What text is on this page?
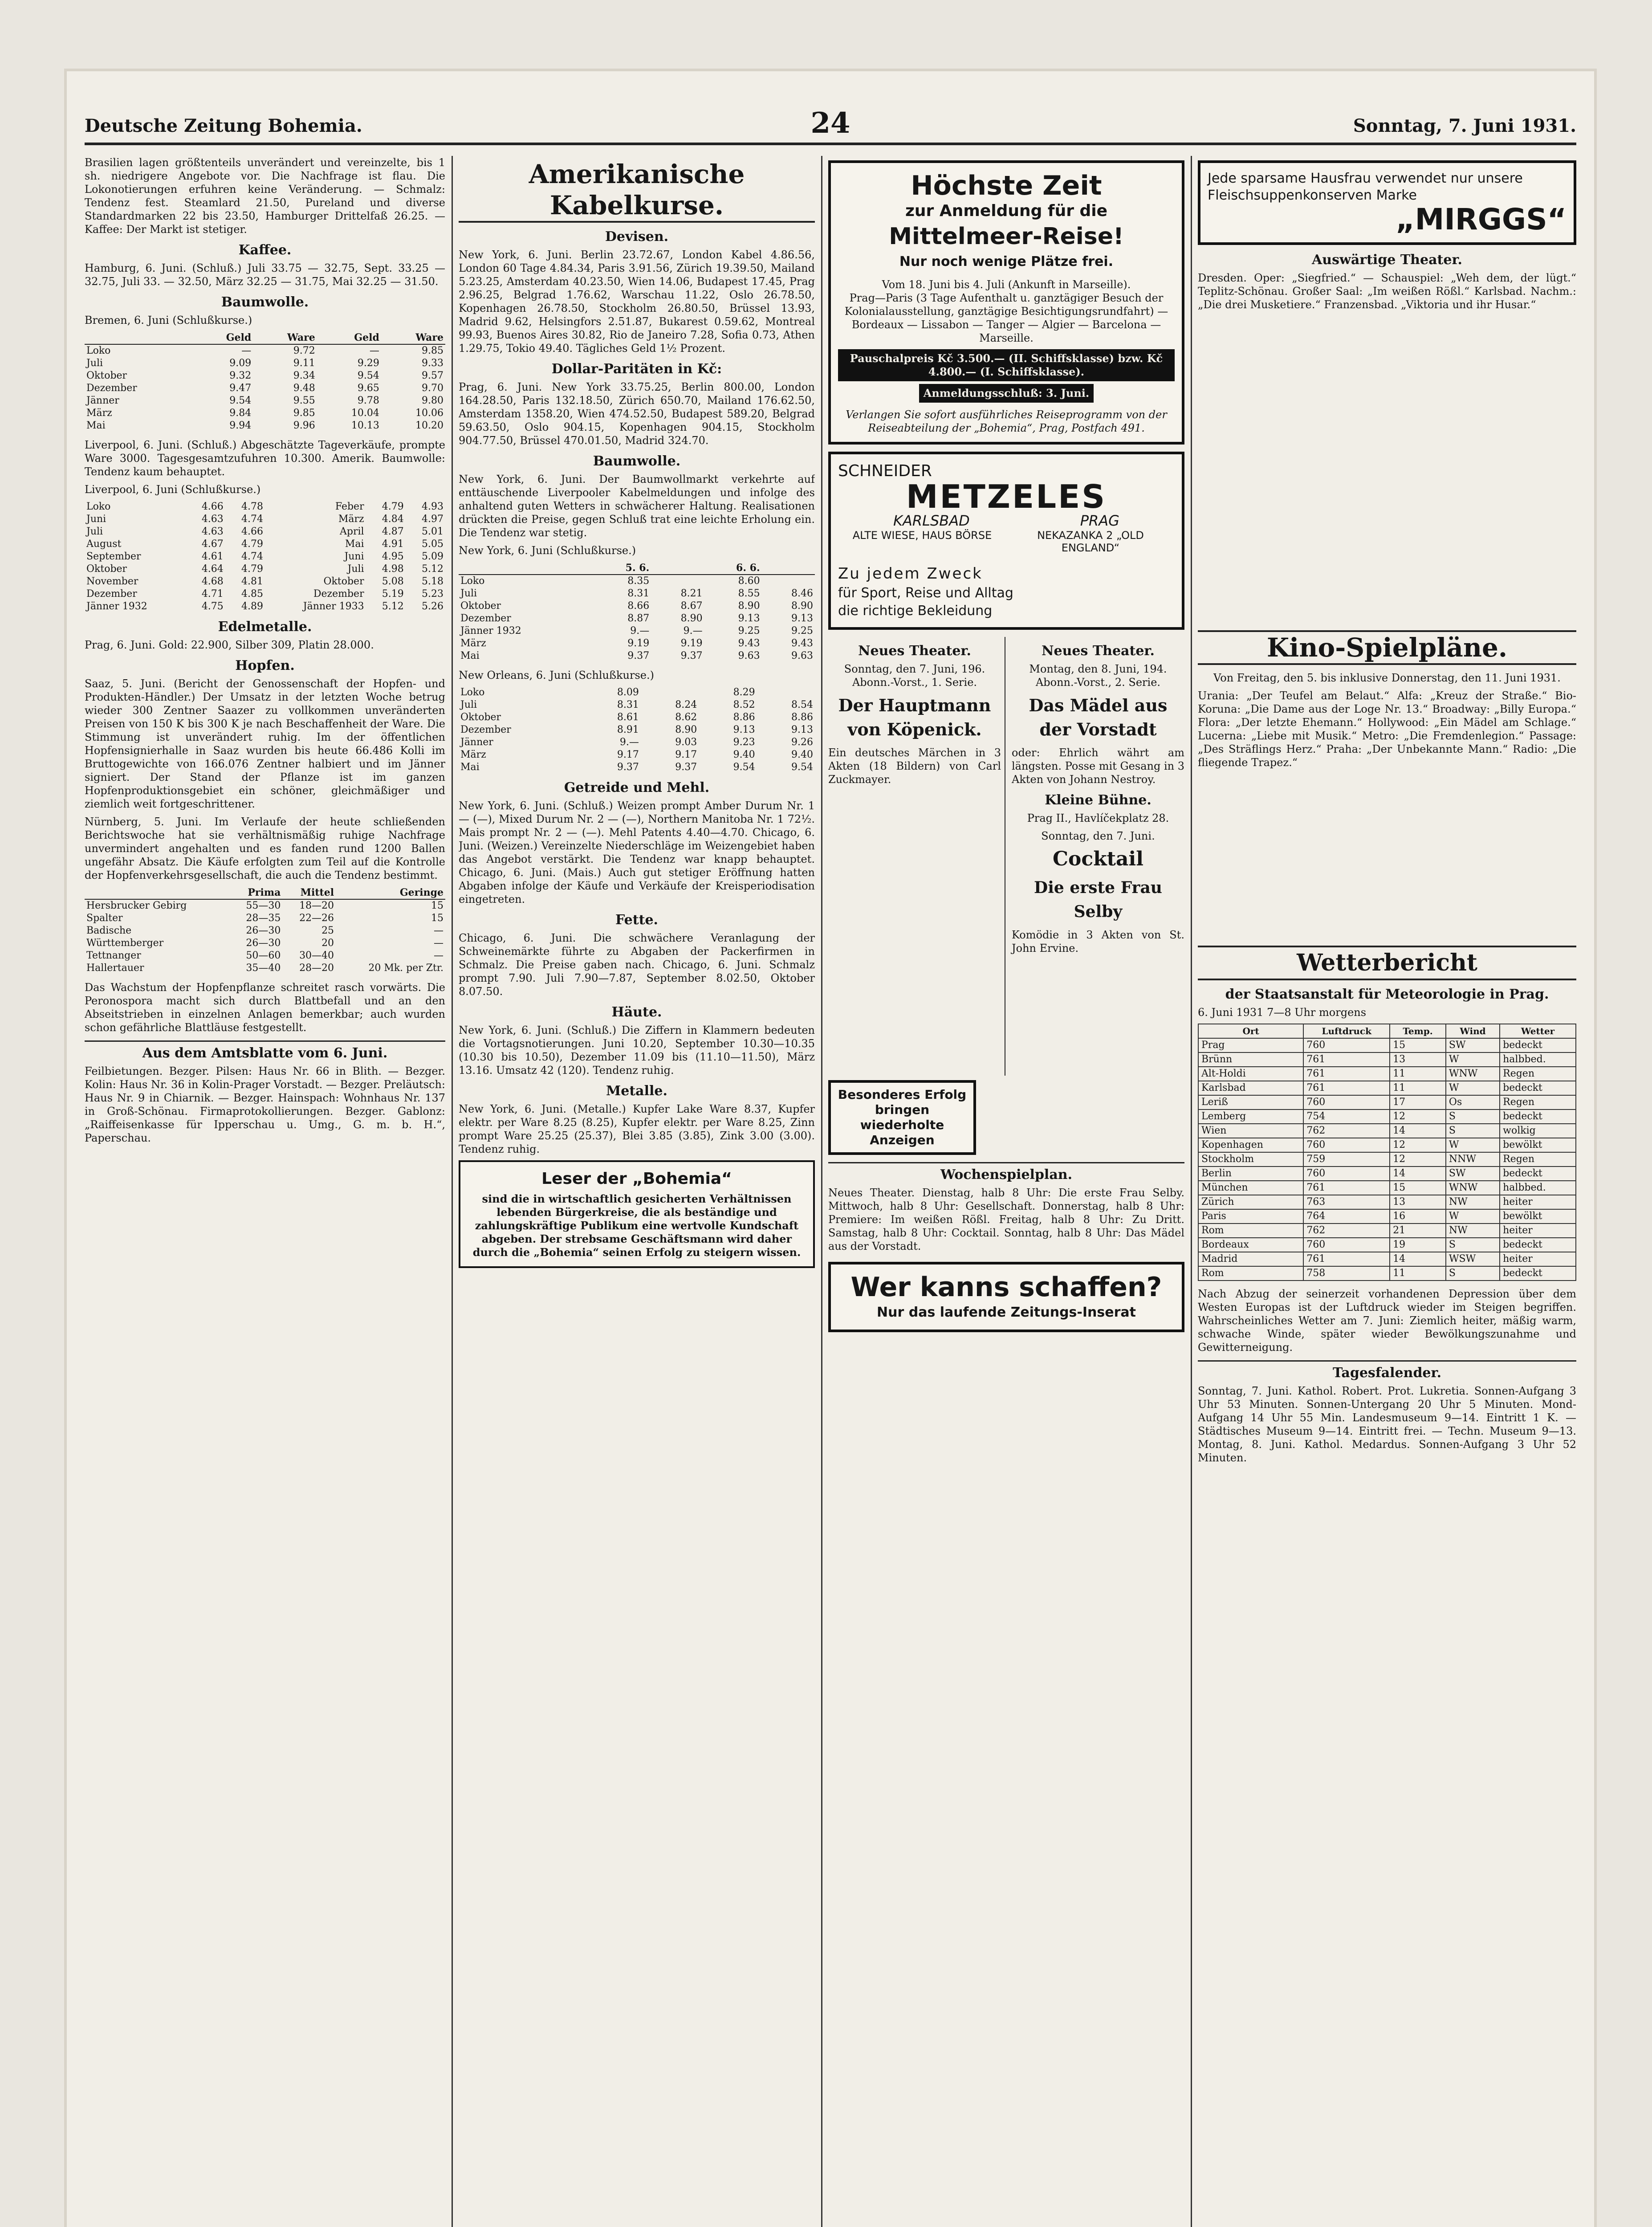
Deutsche Zeitung Bohemia.	24	Sonntag, 7. Juni 1931.

Brasilien lagen größtenteils unverändert und vereinzelte, bis 1 sh. niedrigere Angebote vor. Die Nachfrage ist flau. Die Lokonotierungen erfuhren keine Veränderung. — Schmalz: Tendenz fest. Steamlard 21.50, Pureland und diverse Standardmarken 22 bis 23.50, Hamburger Drittelfaß 26.25. — Kaffee: Der Markt ist stetiger.

Kaffee.

Hamburg, 6. Juni. (Schluß.) Juli 33.75 — 32.75, Sept. 33.25 — 32.75, Juli 33. — 32.50, März 32.25 — 31.75, Mai 32.25 — 31.50.

Baumwolle.

Bremen, 6. Juni (Schlußkurse.)

	Geld	Ware	Geld	Ware
Loko	—	9.72	—	9.85
Juli	9.09	9.11	9.29	9.33
Oktober	9.32	9.34	9.54	9.57
Dezember	9.47	9.48	9.65	9.70
Jänner	9.54	9.55	9.78	9.80
März	9.84	9.85	10.04	10.06
Mai	9.94	9.96	10.13	10.20

Liverpool, 6. Juni. (Schluß.) Abgeschätzte Tageverkäufe, prompte Ware 3000. Tagesgesamtzufuhren 10.300. Amerik. Baumwolle: Tendenz kaum behauptet.

Liverpool, 6. Juni (Schlußkurse.)

Loko	4.66	4.78	Feber	4.79	4.93
Juni	4.63	4.74	März	4.84	4.97
Juli	4.63	4.66	April	4.87	5.01
August	4.67	4.79	Mai	4.91	5.05
September	4.61	4.74	Juni	4.95	5.09
Oktober	4.64	4.79	Juli	4.98	5.12
November	4.68	4.81	Oktober	5.08	5.18
Dezember	4.71	4.85	Dezember	5.19	5.23
Jänner 1932	4.75	4.89	Jänner 1933	5.12	5.26
Edelmetalle.

Prag, 6. Juni. Gold: 22.900, Silber 309, Platin 28.000.

Hopfen.

Saaz, 5. Juni. (Bericht der Genossenschaft der Hopfen- und Produkten-Händler.) Der Umsatz in der letzten Woche betrug wieder 300 Zentner Saazer zu vollkommen unveränderten Preisen von 150 K bis 300 K je nach Beschaffenheit der Ware. Die Stimmung ist unverändert ruhig. Im der öffentlichen Hopfensignierhalle in Saaz wurden bis heute 66.486 Kolli im Bruttogewichte von 166.076 Zentner halbiert und im Jänner signiert. Der Stand der Pflanze ist im ganzen Hopfenproduktionsgebiet ein schöner, gleichmäßiger und ziemlich weit fortgeschrittener.

Nürnberg, 5. Juni. Im Verlaufe der heute schließenden Berichtswoche hat sie verhältnismäßig ruhige Nachfrage unvermindert angehalten und es fanden rund 1200 Ballen ungefähr Absatz. Die Käufe erfolgten zum Teil auf die Kontrolle der Hopfenverkehrsgesellschaft, die auch die Tendenz bestimmt.

	Prima	Mittel	Geringe
Hersbrucker Gebirg	55—30	18—20	15
Spalter	28—35	22—26	15
Badische	26—30	25	—
Württemberger	26—30	20	—
Tettnanger	50—60	30—40	—
Hallertauer	35—40	28—20	20 Mk. per Ztr.

Das Wachstum der Hopfenpflanze schreitet rasch vorwärts. Die Peronospora macht sich durch Blattbefall und an den Abseitstrieben in einzelnen Anlagen bemerkbar; auch wurden schon gefährliche Blattläuse festgestellt.

Aus dem Amtsblatte vom 6. Juni.

Feilbietungen. Bezger. Pilsen: Haus Nr. 66 in Blith. — Bezger. Kolin: Haus Nr. 36 in Kolin-Prager Vorstadt. — Bezger. Preläutsch: Haus Nr. 9 in Chiarnik. — Bezger. Hainspach: Wohnhaus Nr. 137 in Groß-Schönau. Firmaprotokollierungen. Bezger. Gablonz: „Raiffeisenkasse für Ipperschau u. Umg., G. m. b. H.“, Paperschau.

Amerikanische Kabelkurse.
Devisen.

New York, 6. Juni. Berlin 23.72.67, London Kabel 4.86.56, London 60 Tage 4.84.34, Paris 3.91.56, Zürich 19.39.50, Mailand 5.23.25, Amsterdam 40.23.50, Wien 14.06, Budapest 17.45, Prag 2.96.25, Belgrad 1.76.62, Warschau 11.22, Oslo 26.78.50, Kopenhagen 26.78.50, Stockholm 26.80.50, Brüssel 13.93, Madrid 9.62, Helsingfors 2.51.87, Bukarest 0.59.62, Montreal 99.93, Buenos Aires 30.82, Rio de Janeiro 7.28, Sofia 0.73, Athen 1.29.75, Tokio 49.40. Tägliches Geld 1½ Prozent.

Dollar-Paritäten in Kč:

Prag, 6. Juni. New York 33.75.25, Berlin 800.00, London 164.28.50, Paris 132.18.50, Zürich 650.70, Mailand 176.62.50, Amsterdam 1358.20, Wien 474.52.50, Budapest 589.20, Belgrad 59.63.50, Oslo 904.15, Kopenhagen 904.15, Stockholm 904.77.50, Brüssel 470.01.50, Madrid 324.70.

Baumwolle.

New York, 6. Juni. Der Baumwollmarkt verkehrte auf enttäuschende Liverpooler Kabelmeldungen und infolge des anhaltend guten Wetters in schwächerer Haltung. Realisationen drückten die Preise, gegen Schluß trat eine leichte Erholung ein. Die Tendenz war stetig.

New York, 6. Juni (Schlußkurse.)

	5. 6.		6. 6.	
Loko	8.35		8.60	
Juli	8.31	8.21	8.55	8.46
Oktober	8.66	8.67	8.90	8.90
Dezember	8.87	8.90	9.13	9.13
Jänner 1932	9.—	9.—	9.25	9.25
März	9.19	9.19	9.43	9.43
Mai	9.37	9.37	9.63	9.63

New Orleans, 6. Juni (Schlußkurse.)

Loko	8.09		8.29	
Juli	8.31	8.24	8.52	8.54
Oktober	8.61	8.62	8.86	8.86
Dezember	8.91	8.90	9.13	9.13
Jänner	9.—	9.03	9.23	9.26
März	9.17	9.17	9.40	9.40
Mai	9.37	9.37	9.54	9.54
Getreide und Mehl.

New York, 6. Juni. (Schluß.) Weizen prompt Amber Durum Nr. 1 — (—), Mixed Durum Nr. 2 — (—), Northern Manitoba Nr. 1 72½. Mais prompt Nr. 2 — (—). Mehl Patents 4.40—4.70. Chicago, 6. Juni. (Weizen.) Vereinzelte Niederschläge im Weizengebiet haben das Angebot verstärkt. Die Tendenz war knapp behauptet. Chicago, 6. Juni. (Mais.) Auch gut stetiger Eröffnung hatten Abgaben infolge der Käufe und Verkäufe der Kreisperiodisation eingetreten.

Fette.

Chicago, 6. Juni. Die schwächere Veranlagung der Schweinemärkte führte zu Abgaben der Packerfirmen in Schmalz. Die Preise gaben nach. Chicago, 6. Juni. Schmalz prompt 7.90. Juli 7.90—7.87, September 8.02.50, Oktober 8.07.50.

Häute.

New York, 6. Juni. (Schluß.) Die Ziffern in Klammern bedeuten die Vortagsnotierungen. Juni 10.20, September 10.30—10.35 (10.30 bis 10.50), Dezember 11.09 bis (11.10—11.50), März 13.16. Umsatz 42 (120). Tendenz ruhig.

Metalle.

New York, 6. Juni. (Metalle.) Kupfer Lake Ware 8.37, Kupfer elektr. per Ware 8.25 (8.25), Kupfer elektr. per Ware 8.25, Zinn prompt Ware 25.25 (25.37), Blei 3.85 (3.85), Zink 3.00 (3.00). Tendenz ruhig.

Leser der „Bohemia“
sind die in wirtschaftlich gesicherten Verhältnissen lebenden Bürgerkreise, die als beständige und zahlungskräftige Publikum eine wertvolle Kundschaft abgeben. Der strebsame Geschäftsmann wird daher durch die „Bohemia“ seinen Erfolg zu steigern wissen.
Höchste Zeit
zur Anmeldung für die
Mittelmeer-Reise!
Nur noch wenige Plätze frei.
Vom 18. Juni bis 4. Juli (Ankunft in Marseille).
Prag—Paris (3 Tage Aufenthalt u. ganztägiger Besuch der Kolonialausstellung, ganztägige Besichtigungsrundfahrt) — Bordeaux — Lissabon — Tanger — Algier — Barcelona — Marseille.
Pauschalpreis Kč 3.500.— (II. Schiffsklasse) bzw. Kč 4.800.— (I. Schiffsklasse).
Anmeldungsschluß: 3. Juni.
Verlangen Sie sofort ausführliches Reiseprogramm von der Reiseabteilung der „Bohemia“, Prag, Postfach 491.
SCHNEIDER
METZELES
KARLSBAD	PRAG
ALTE WIESE, HAUS BÖRSE	NEKAZANKA 2 „OLD ENGLAND“
Zu jedem Zweck
für Sport, Reise und Alltag
die richtige Bekleidung
Neues Theater.

Sonntag, den 7. Juni, 196. Abonn.-Vorst., 1. Serie.

Der Hauptmann von Köpenick.

Ein deutsches Märchen in 3 Akten (18 Bildern) von Carl Zuckmayer.

Neues Theater.

Montag, den 8. Juni, 194. Abonn.-Vorst., 2. Serie.

Das Mädel aus der Vorstadt

oder: Ehrlich währt am längsten. Posse mit Gesang in 3 Akten von Johann Nestroy.

Kleine Bühne.

Prag II., Havlíčekplatz 28.

Sonntag, den 7. Juni.

Cocktail
Die erste Frau Selby

Komödie in 3 Akten von St. John Ervine.

Besonderes Erfolg bringen wiederholte Anzeigen
Wochenspielplan.

Neues Theater. Dienstag, halb 8 Uhr: Die erste Frau Selby. Mittwoch, halb 8 Uhr: Gesellschaft. Donnerstag, halb 8 Uhr: Premiere: Im weißen Rößl. Freitag, halb 8 Uhr: Zu Dritt. Samstag, halb 8 Uhr: Cocktail. Sonntag, halb 8 Uhr: Das Mädel aus der Vorstadt.

Wer kanns schaffen?
Nur das laufende Zeitungs-Inserat
Jede sparsame Hausfrau verwendet nur unsere Fleischsuppenkonserven Marke
„MIRGGS“
Auswärtige Theater.

Dresden. Oper: „Siegfried.“ — Schauspiel: „Weh dem, der lügt.“ Teplitz-Schönau. Großer Saal: „Im weißen Rößl.“ Karlsbad. Nachm.: „Die drei Musketiere.“ Franzensbad. „Viktoria und ihr Husar.“

Kino-Spielpläne.

Von Freitag, den 5. bis inklusive Donnerstag, den 11. Juni 1931.

Urania: „Der Teufel am Belaut.“ Alfa: „Kreuz der Straße.“ Bio-Koruna: „Die Dame aus der Loge Nr. 13.“ Broadway: „Billy Europa.“ Flora: „Der letzte Ehemann.“ Hollywood: „Ein Mädel am Schlage.“ Lucerna: „Liebe mit Musik.“ Metro: „Die Fremdenlegion.“ Passage: „Des Sträflings Herz.“ Praha: „Der Unbekannte Mann.“ Radio: „Die fliegende Trapez.“

Wetterbericht
der Staatsanstalt für Meteorologie in Prag.

6. Juni 1931 7—8 Uhr morgens

Ort	Luftdruck	Temp.	Wind	Wetter
Prag	760	15	SW	bedeckt
Brünn	761	13	W	halbbed.
Alt-Holdi	761	11	WNW	Regen
Karlsbad	761	11	W	bedeckt
Leriß	760	17	Os	Regen
Lemberg	754	12	S	bedeckt
Wien	762	14	S	wolkig
Kopenhagen	760	12	W	bewölkt
Stockholm	759	12	NNW	Regen
Berlin	760	14	SW	bedeckt
München	761	15	WNW	halbbed.
Zürich	763	13	NW	heiter
Paris	764	16	W	bewölkt
Rom	762	21	NW	heiter
Bordeaux	760	19	S	bedeckt
Madrid	761	14	WSW	heiter
Rom	758	11	S	bedeckt

Nach Abzug der seinerzeit vorhandenen Depression über dem Westen Europas ist der Luftdruck wieder im Steigen begriffen. Wahrscheinliches Wetter am 7. Juni: Ziemlich heiter, mäßig warm, schwache Winde, später wieder Bewölkungszunahme und Gewitterneigung.

Tagesfalender.

Sonntag, 7. Juni. Kathol. Robert. Prot. Lukretia. Sonnen-Aufgang 3 Uhr 53 Minuten. Sonnen-Untergang 20 Uhr 5 Minuten. Mond-Aufgang 14 Uhr 55 Min. Landesmuseum 9—14. Eintritt 1 K. — Städtisches Museum 9—14. Eintritt frei. — Techn. Museum 9—13. Montag, 8. Juni. Kathol. Medardus. Sonnen-Aufgang 3 Uhr 52 Minuten.
